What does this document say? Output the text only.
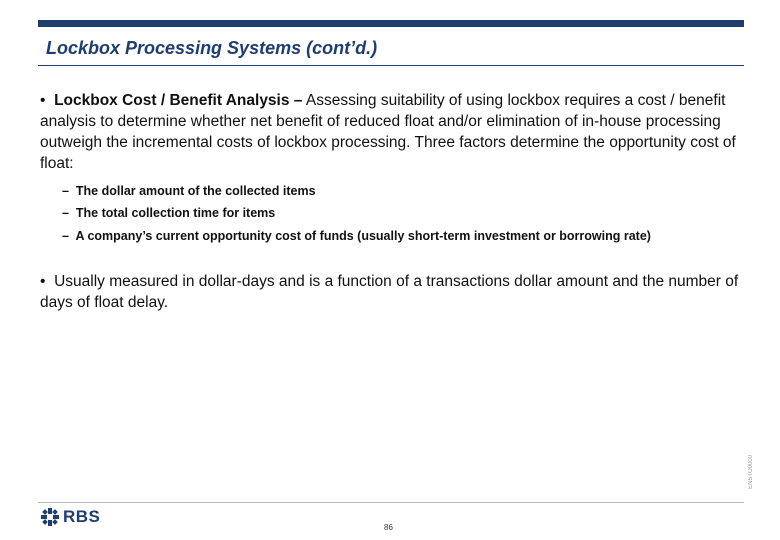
Lockbox Processing Systems (cont’d.)

• Lockbox Cost / Benefit Analysis – Assessing suitability of using lockbox requires a cost / benefit analysis to determine whether net benefit of reduced float and/or elimination of in-house processing outweigh the incremental costs of lockbox processing. Three factors determine the opportunity cost of float:

– The dollar amount of the collected items
– The total collection time for items
– A company’s current opportunity cost of funds (usually short-term investment or borrowing rate)

• Usually measured in dollar-days and is a function of a transactions dollar amount and the number of days of float delay.

ENSTO0000
RBS
86
